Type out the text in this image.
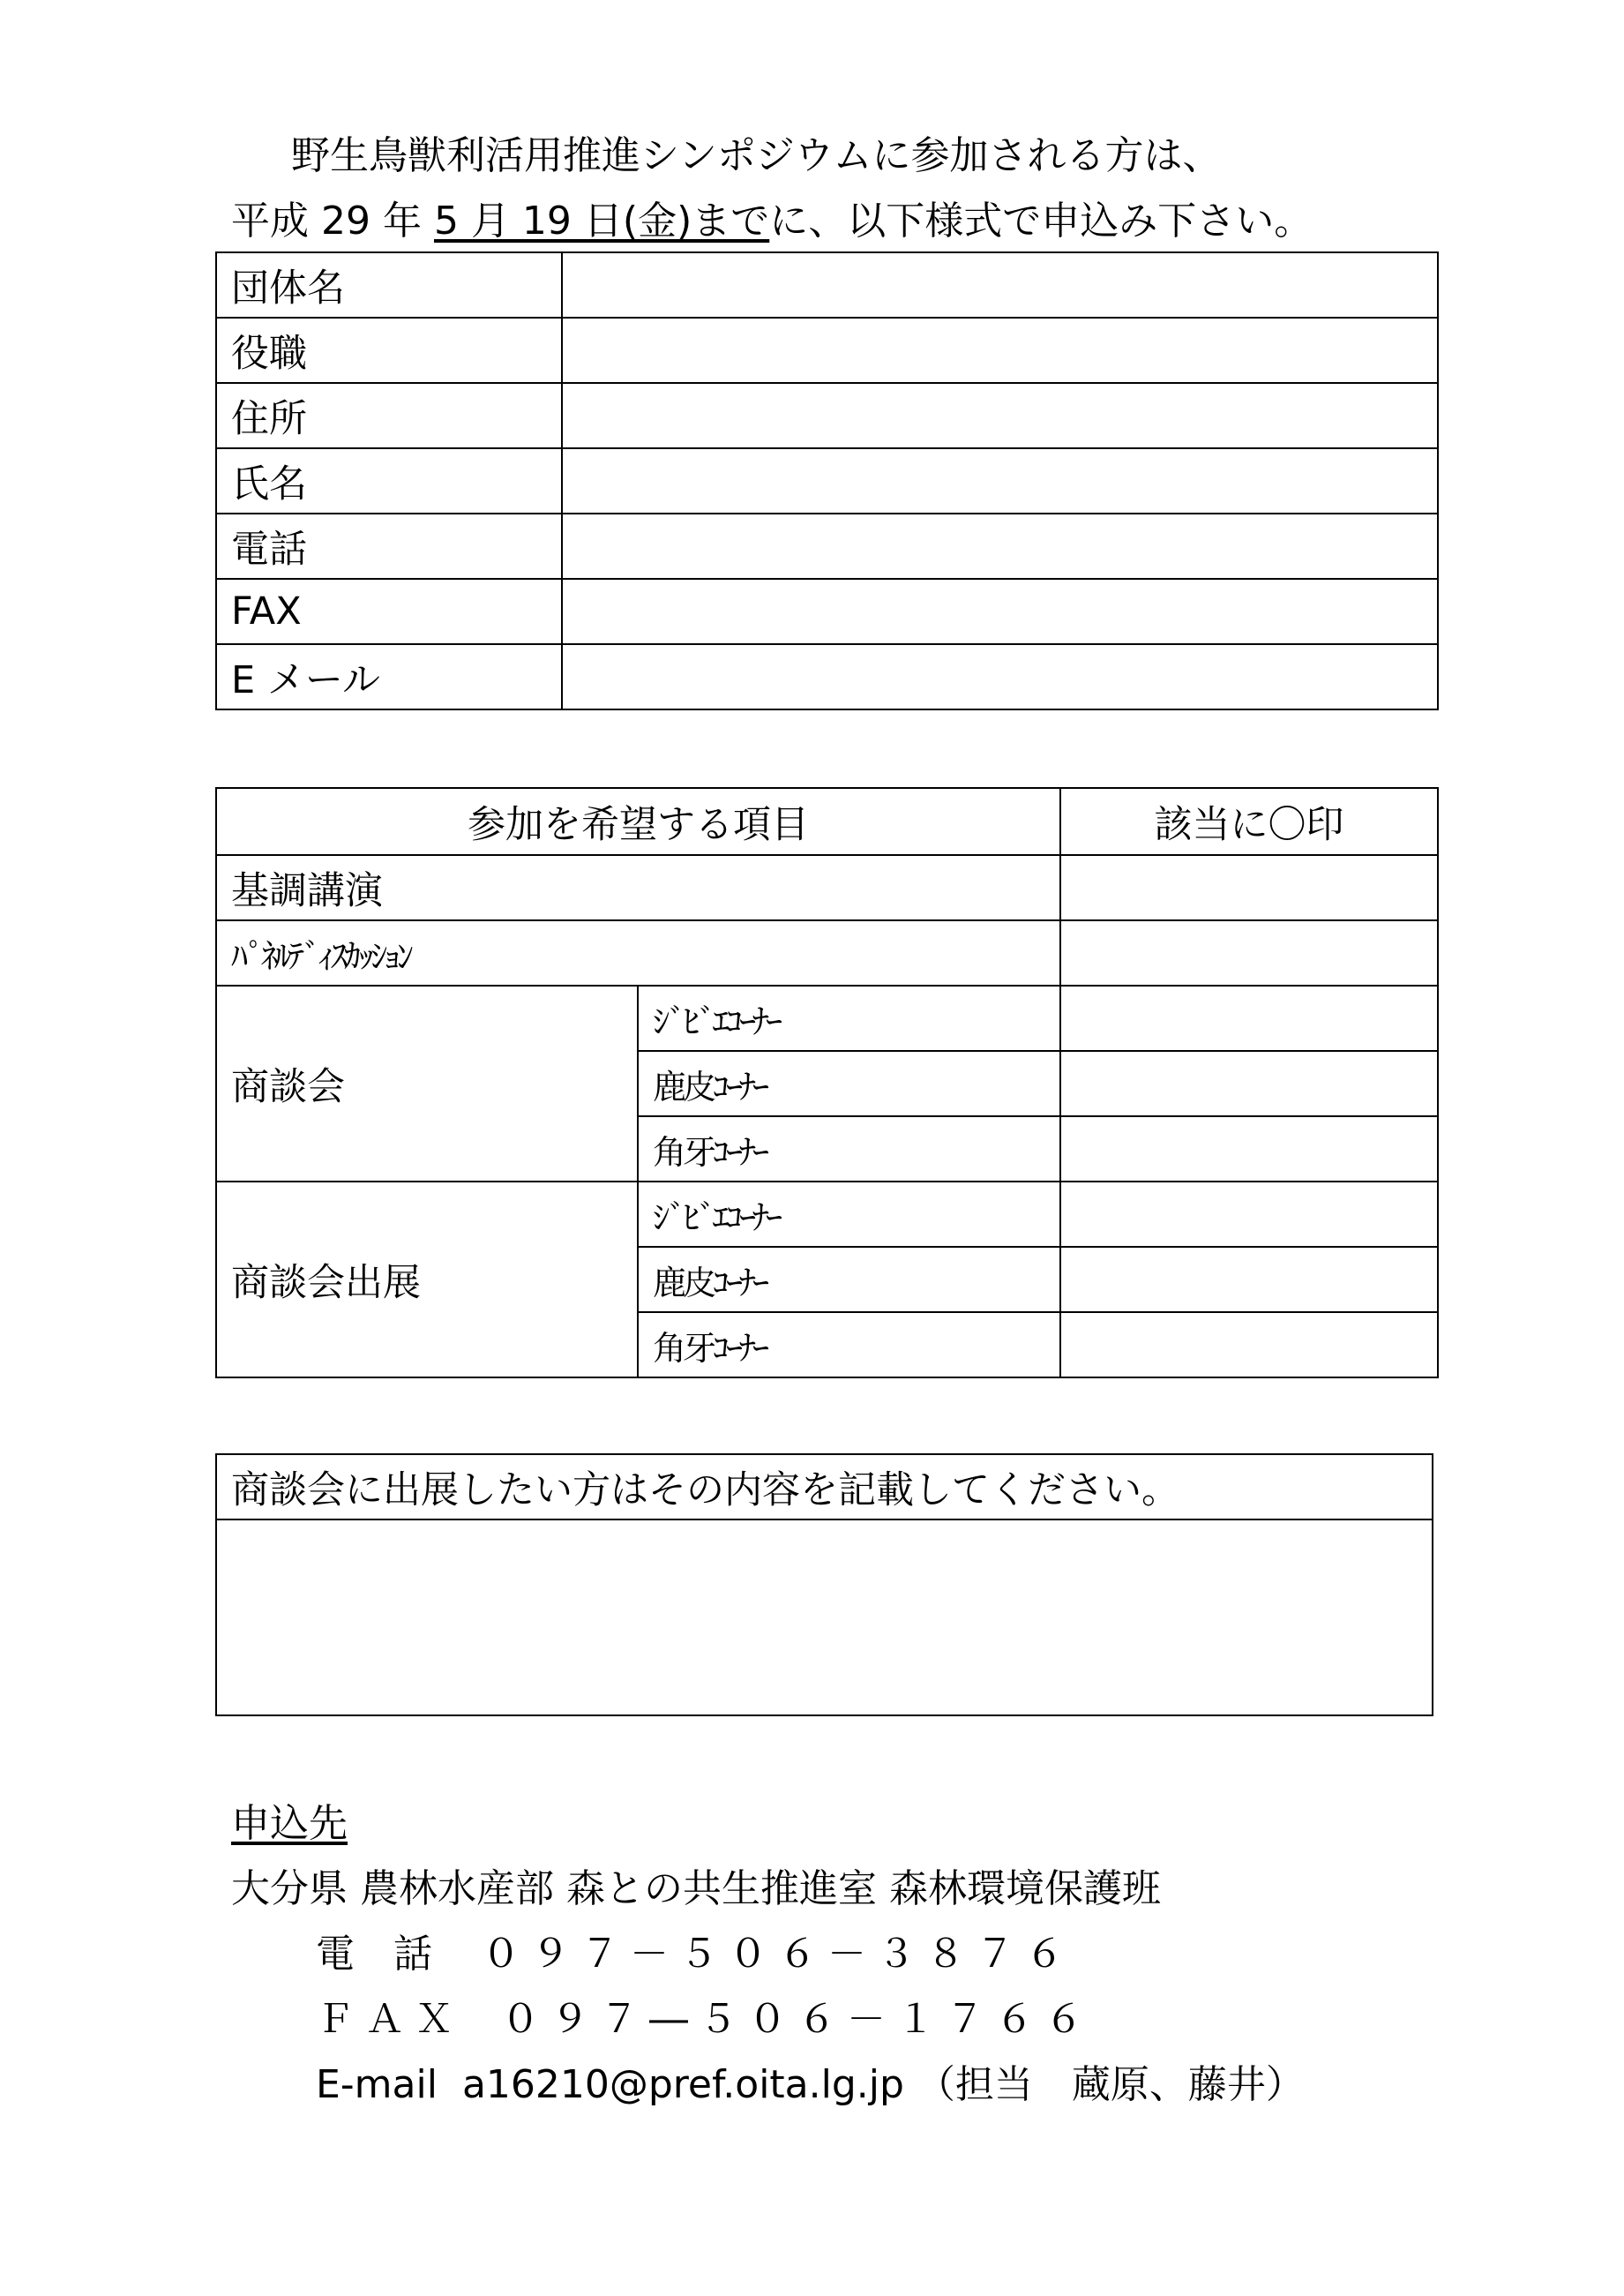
野生鳥獣利活用推進シンポジウムに参加される方は、
平成 29 年 5 月 19 日(金)までに、以下様式で申込み下さい。
団体名	
役職	
住所	
氏名	
電話	
FAX	
E メール	
参加を希望する項目		該当に〇印
基調講演		
ﾊﾟﾈﾙﾃﾞｨｽｶｯｼｮﾝ		
商談会	ｼﾞﾋﾞｴｺｰﾅｰ	
	鹿皮ｺｰﾅｰ	
	角牙ｺｰﾅｰ	
商談会出展	ｼﾞﾋﾞｴｺｰﾅｰ	
	鹿皮ｺｰﾅｰ	
	角牙ｺｰﾅｰ	
商談会に出展したい方はその内容を記載してください。

申込先
大分県 農林水産部 森との共生推進室 森林環境保護班
電　話 ０９７－５０６－３８７６
ＦＡＸ ０９７―５０６－１７６６
E-mail a16210@pref.oita.lg.jp （担当　蔵原、藤井）
